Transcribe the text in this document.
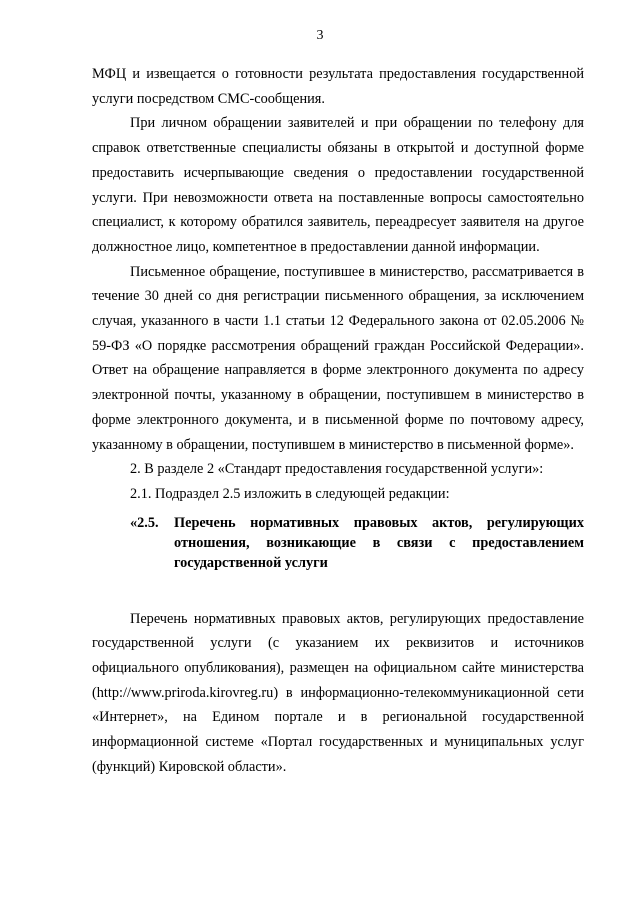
3

МФЦ и извещается о готовности результата предоставления государственной услуги посредством СМС-сообщения.

При личном обращении заявителей и при обращении по телефону для справок ответственные специалисты обязаны в открытой и доступной форме предоставить исчерпывающие сведения о предоставлении государственной услуги. При невозможности ответа на поставленные вопросы самостоятельно специалист, к которому обратился заявитель, переадресует заявителя на другое должностное лицо, компетентное в предоставлении данной информации.

Письменное обращение, поступившее в министерство, рассматривается в течение 30 дней со дня регистрации письменного обращения, за исключением случая, указанного в части 1.1 статьи 12 Федерального закона от 02.05.2006 № 59-ФЗ «О порядке рассмотрения обращений граждан Российской Федерации». Ответ на обращение направляется в форме электронного документа по адресу электронной почты, указанному в обращении, поступившем в министерство в форме электронного документа, и в письменной форме по почтовому адресу, указанному в обращении, поступившем в министерство в письменной форме».

2. В разделе 2 «Стандарт предоставления государственной услуги»:

2.1. Подраздел 2.5 изложить в следующей редакции:

«2.5.	Перечень нормативных правовых актов, регулирующих отношения, возникающие в связи с предоставлением государственной услуги

Перечень нормативных правовых актов, регулирующих предоставление государственной услуги (с указанием их реквизитов и источников официального опубликования), размещен на официальном сайте министерства (http://www.priroda.kirovreg.ru) в информационно-телекоммуникационной сети «Интернет», на Едином портале и в региональной государственной информационной системе «Портал государственных и муниципальных услуг (функций) Кировской области».
